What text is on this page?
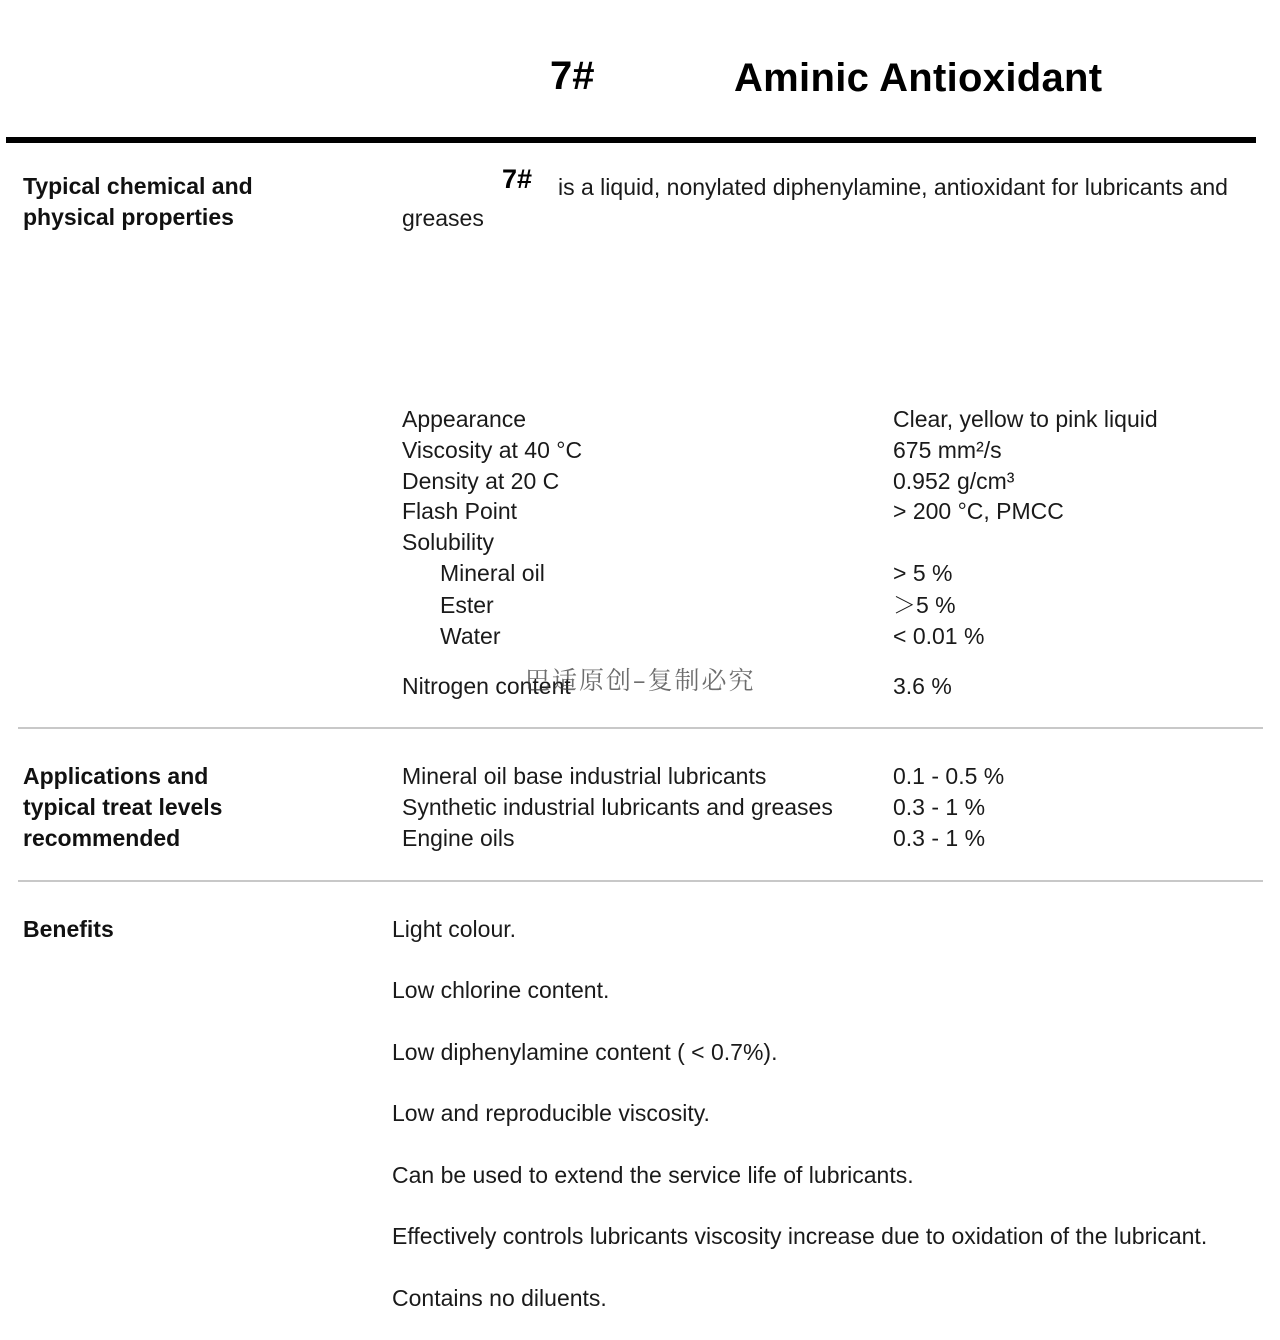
7#	Aminic Antioxidant
Typical chemical and
physical properties
7# is a liquid, nonylated diphenylamine, antioxidant for lubricants and
greases
Appearance	Clear, yellow to pink liquid
Viscosity at 40 °C	675 mm²/s
Density at 20 C	0.952 g/cm³
Flash Point	> 200 °C, PMCC
Solubility
Mineral oil	> 5 %
Ester	＞5 %
Water	< 0.01 %
Nitrogen content	3.6 %
巴适原创–复制必究
Applications and
typical treat levels
recommended
Mineral oil base industrial lubricants	0.1 - 0.5 %
Synthetic industrial lubricants and greases	0.3 - 1 %
Engine oils	0.3 - 1 %
Benefits	Light colour.
Low chlorine content.
Low diphenylamine content ( < 0.7%).
Low and reproducible viscosity.
Can be used to extend the service life of lubricants.
Effectively controls lubricants viscosity increase due to oxidation of the lubricant.
Contains no diluents.
